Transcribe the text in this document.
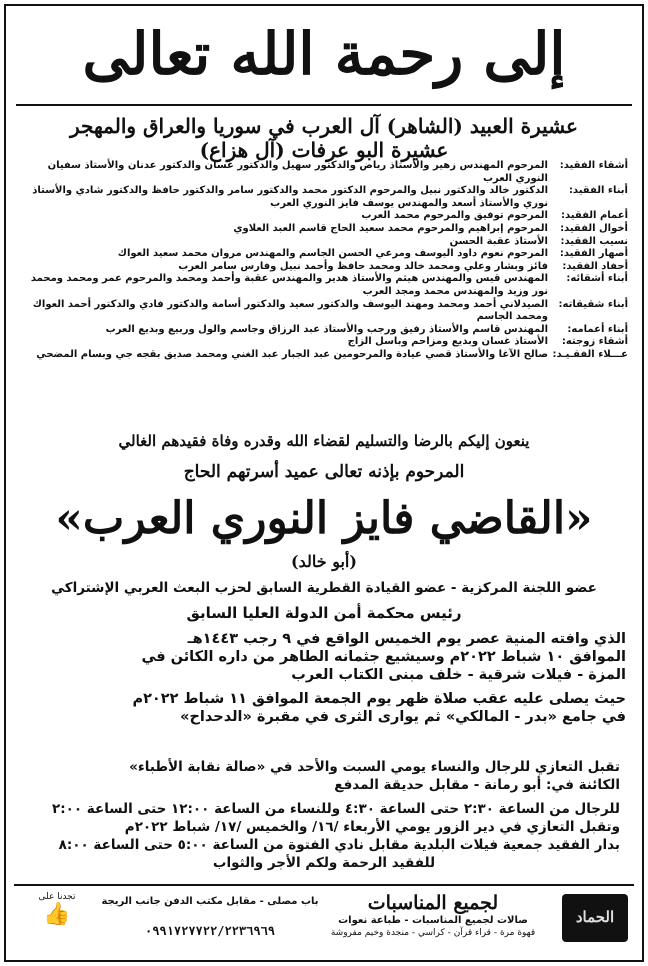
إلى رحمة الله تعالى
عشيرة العبيد (الشاهر) آل العرب في سوريا والعراق والمهجر
عشيرة البو عرفات (آل هزاع)
أشقاء الفقيد:
المرحوم المهندس زهير والأستاذ رياض والدكتور سهيل والدكتور غسان والدكتور عدنان والأستاذ سفيان النوري العرب
أبناء الفقيد:
الدكتور خالد والدكتور نبيل والمرحوم الدكتور محمد والدكتور سامر والدكتور حافظ والدكتور شادي والأستاذ نوري والأستاذ أسعد والمهندس يوسف فايز النوري العرب
أعمام الفقيد:
المرحوم توفيق والمرحوم محمد العرب
أخوال الفقيد:
المرحوم إبراهيم والمرحوم محمد سعيد الحاج قاسم العبد العلاوي
نسيب الفقيد:
الأستاذ عقبة الحسن
أصهار الفقيد:
المرحوم نعوم داود اليوسف ومرعي الحسن الجاسم والمهندس مروان محمد سعيد العواك
أحفاد الفقيد:
فائز وبشار وعلي ومحمد خالد ومحمد حافظ وأحمد نبيل وفارس سامر العرب
أبناء أشقائه:
المهندس قيس والمهندس هيثم والأستاذ هدير والمهندس عقبة وأحمد ومحمد والمرحوم عمر ومحمد ومحمد نور وزيد والمهندس محمد ومجد العرب
أبناء شقيقاته:
الصيدلاني أحمد ومحمد ومهند اليوسف والدكتور سعيد والدكتور أسامة والدكتور فادي والدكتور أحمد العواك ومحمد الجاسم
أبناء أعمامه:
المهندس قاسم والأستاذ رفيق ورجب والأستاذ عبد الرزاق وجاسم والول وربيع وبديع العرب
أشقاء زوجته:
الأستاذ غسان وبديع ومزاحم وباسل الزاج
عـــلاء الفقـيـد:
صالح الآغا والأستاذ قصي عيادة والمرحومين عبد الجبار عبد الغني ومحمد صديق بقجه جي وبسام المضحي
ينعون إليكم بالرضا والتسليم لقضاء الله وقدره وفاة فقيدهم الغالي
المرحوم بإذنه تعالى عميد أسرتهم الحاج
«القاضي فايز النوري العرب»
(أبو خالد)
عضو اللجنة المركزية - عضو القيادة القطرية السابق لحزب البعث العربي الإشتراكي
رئيس محكمة أمن الدولة العليا السابق
الذي وافته المنية عصر يوم الخميس الواقع في ٩ رجب ١٤٤٣هـ
الموافق ١٠ شباط ٢٠٢٢م وسيشيع جثمانه الطاهر من داره الكائن في
المزة - فيلات شرقية - خلف مبنى الكتاب العرب
حيث يصلى عليه عقب صلاة ظهر يوم الجمعة الموافق ١١ شباط ٢٠٢٢م
في جامع «بدر - المالكي» ثم يوارى الثرى في مقبرة «الدحداح»
تقبل التعازي للرجال والنساء يومي السبت والأحد في «صالة نقابة الأطباء»
الكائنة في: أبو رمانة - مقابل حديقة المدفع
للرجال من الساعة ٢:٣٠ حتى الساعة ٤:٣٠ وللنساء من الساعة ١٢:٠٠ حتى الساعة ٢:٠٠
وتقبل التعازي في دير الزور يومي الأربعاء /١٦/ والخميس /١٧/ شباط ٢٠٢٢م
بدار الفقيد جمعية فيلات البلدية مقابل نادي الفتوة من الساعة ٥:٠٠ حتى الساعة ٨:٠٠
للفقيد الرحمة ولكم الأجر والثواب
الحماد
لجميع المناسبات
صالات لجميع المناسبات - طباعة نعوات
قهوة مرة - قراء قرآن - كراسي - منجدة وخيم مفروشة
باب مصلى - مقابل مكتب الدفن جانب الريجة
٠٩٩١٧٢٧٧٢٢/٢٢٣٦٩٦٩
تجدنا على
👍
